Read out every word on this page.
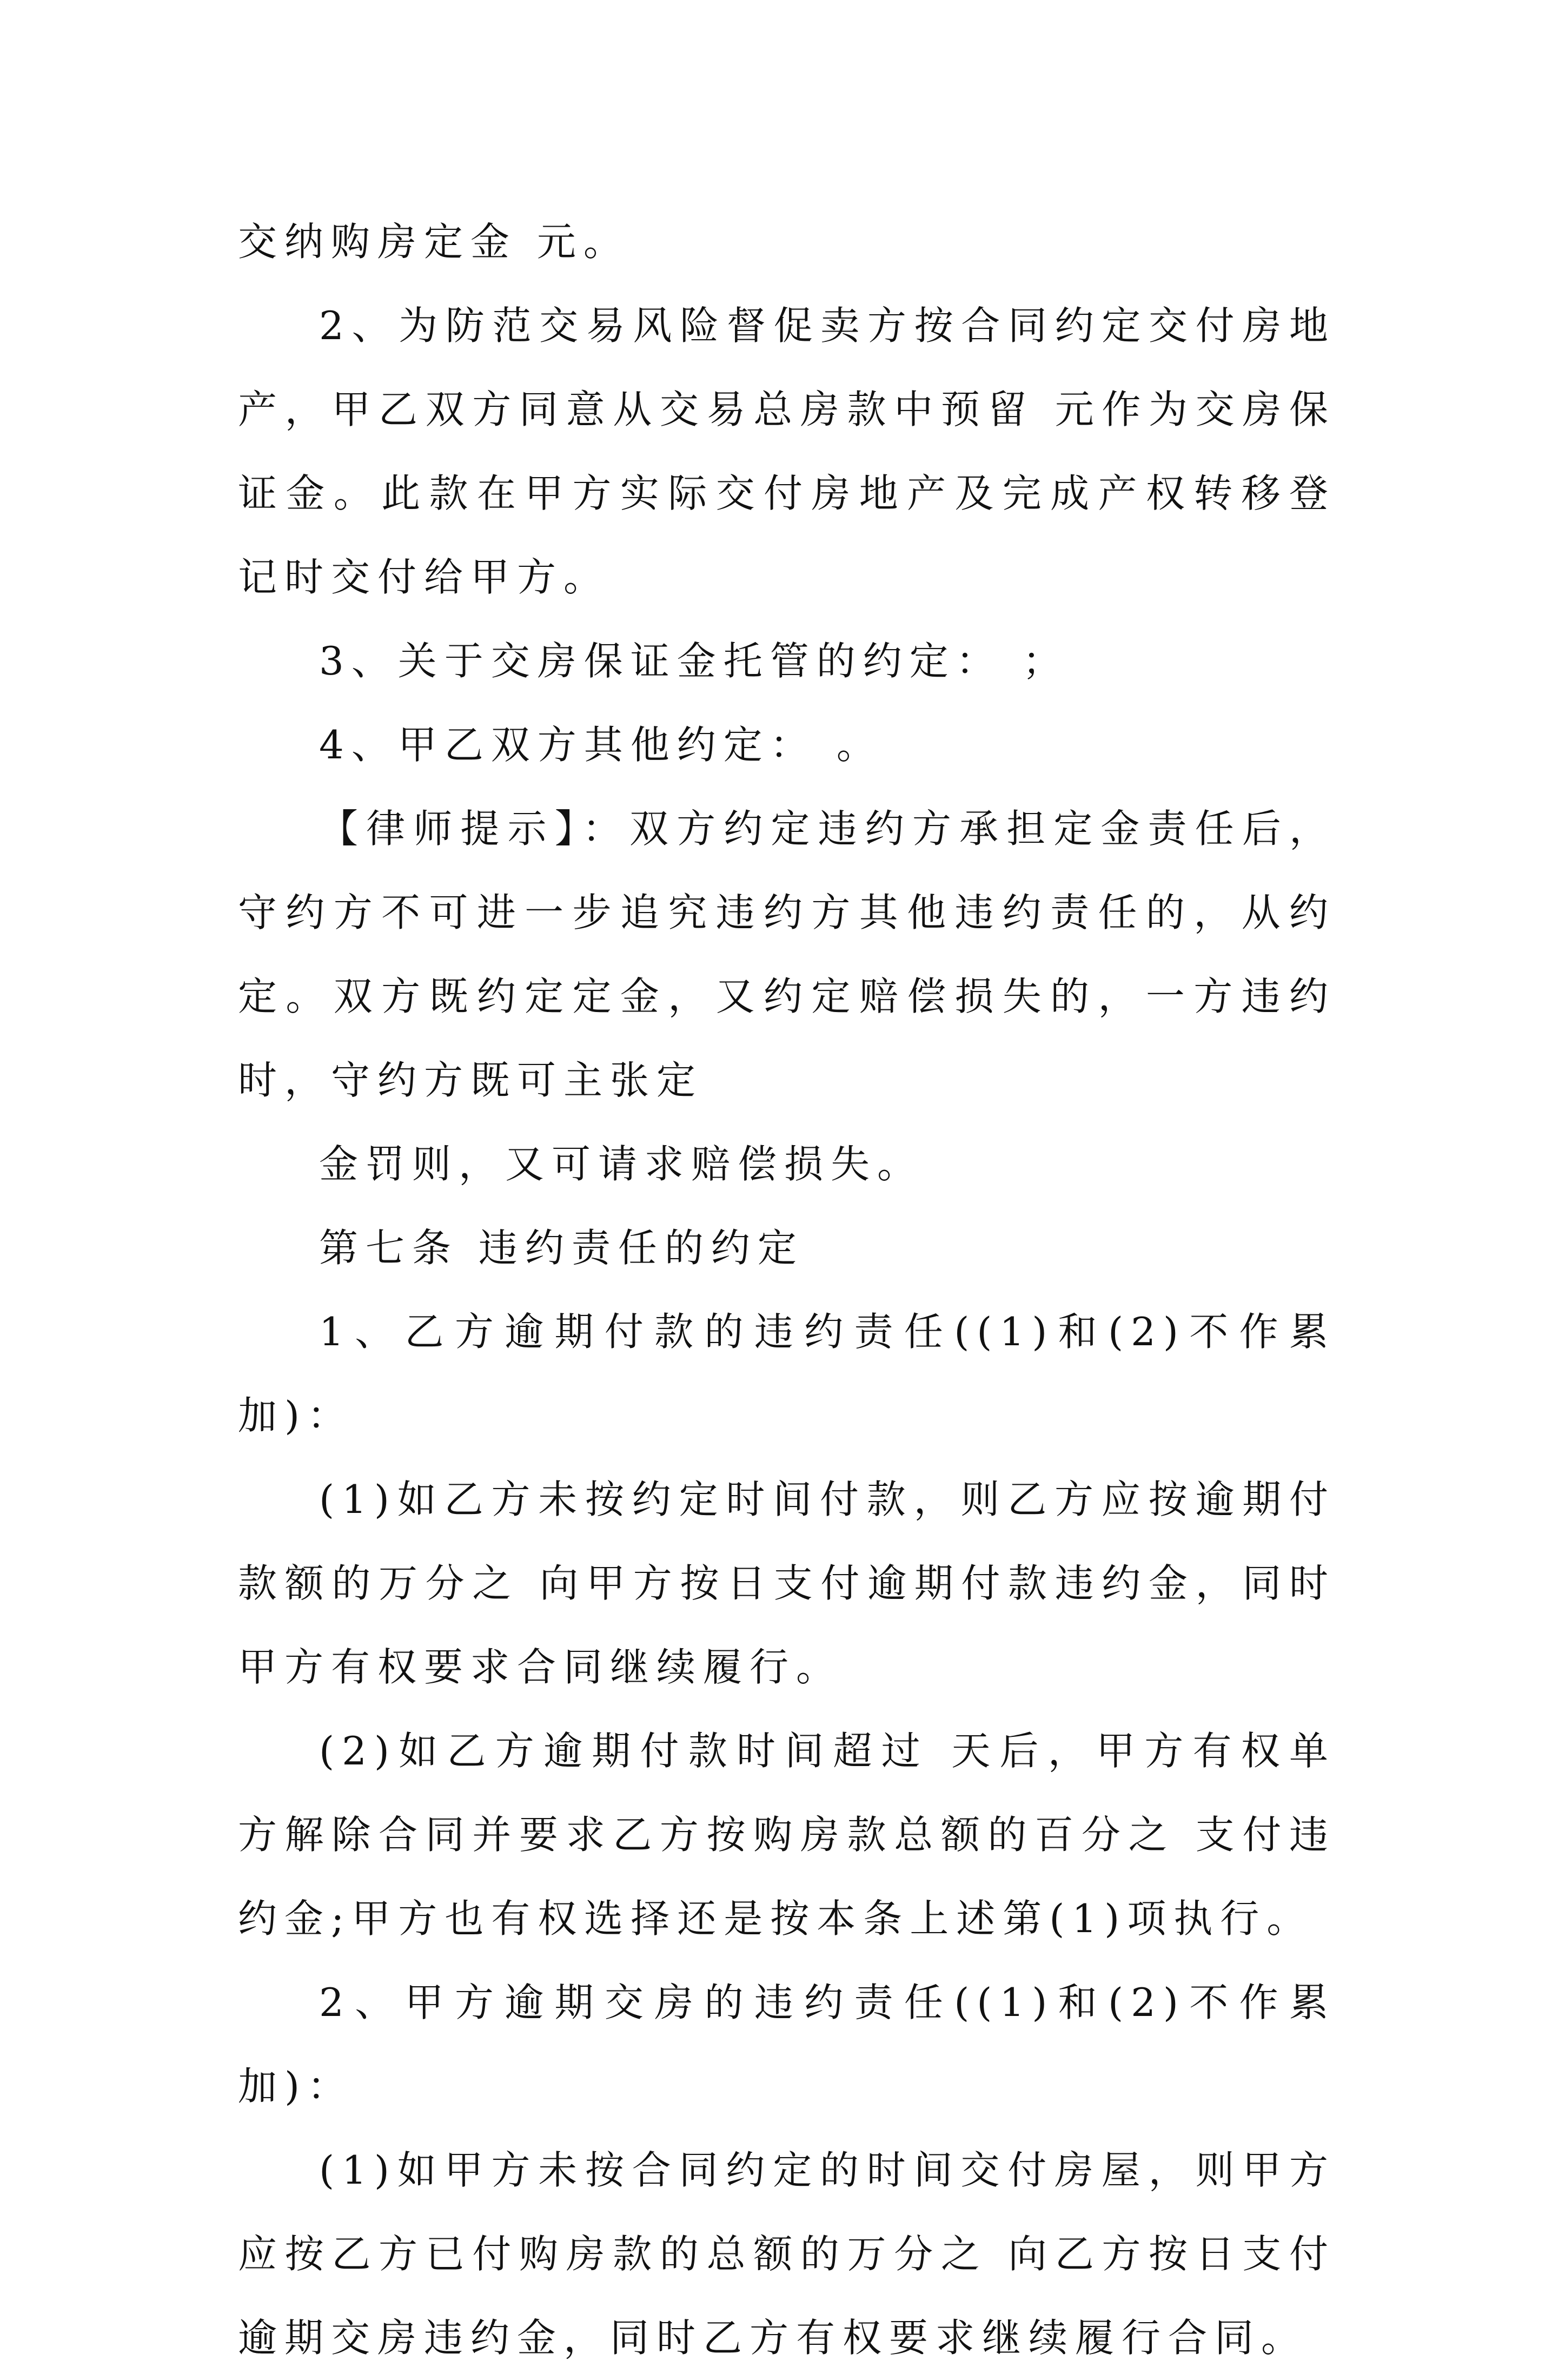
交纳购房定金 元。

2、为防范交易风险督促卖方按合同约定交付房地产，甲乙双方同意从交易总房款中预留 元作为交房保证金。此款在甲方实际交付房地产及完成产权转移登记时交付给甲方。

3、关于交房保证金托管的约定： ；

4、甲乙双方其他约定： 。

【律师提示】：双方约定违约方承担定金责任后，守约方不可进一步追究违约方其他违约责任的，从约定。双方既约定定金，又约定赔偿损失的，一方违约时，守约方既可主张定

金罚则，又可请求赔偿损失。

第七条 违约责任的约定

1、乙方逾期付款的违约责任((1)和(2)不作累加)：

(1)如乙方未按约定时间付款，则乙方应按逾期付款额的万分之 向甲方按日支付逾期付款违约金，同时甲方有权要求合同继续履行。

(2)如乙方逾期付款时间超过 天后，甲方有权单方解除合同并要求乙方按购房款总额的百分之 支付违约金;甲方也有权选择还是按本条上述第(1)项执行。

2、甲方逾期交房的违约责任((1)和(2)不作累加)：

(1)如甲方未按合同约定的时间交付房屋，则甲方应按乙方已付购房款的总额的万分之 向乙方按日支付逾期交房违约金，同时乙方有权要求继续履行合同。
